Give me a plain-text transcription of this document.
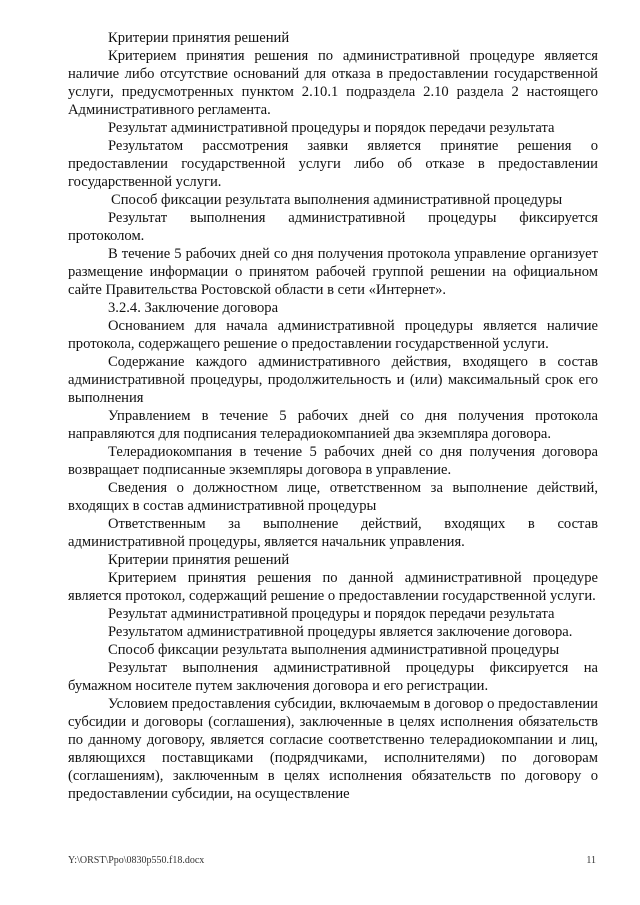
Критерии принятия решений

Критерием принятия решения по административной процедуре является наличие либо отсутствие оснований для отказа в предоставлении государственной услуги, предусмотренных пунктом 2.10.1 подраздела 2.10 раздела 2 настоящего Административного регламента.

Результат административной процедуры и порядок передачи результата

Результатом рассмотрения заявки является принятие решения о предоставлении государственной услуги либо об отказе в предоставлении государственной услуги.

Способ фиксации результата выполнения административной процедуры

Результат выполнения административной процедуры фиксируется протоколом.

В течение 5 рабочих дней со дня получения протокола управление организует размещение информации о принятом рабочей группой решении на официальном сайте Правительства Ростовской области в сети «Интернет».

3.2.4. Заключение договора

Основанием для начала административной процедуры является наличие протокола, содержащего решение о предоставлении государственной услуги.

Содержание каждого административного действия, входящего в состав административной процедуры, продолжительность и (или) максимальный срок его выполнения

Управлением в течение 5 рабочих дней со дня получения протокола направляются для подписания телерадиокомпанией два экземпляра договора.

Телерадиокомпания в течение 5 рабочих дней со дня получения договора возвращает подписанные экземпляры договора в управление.

Сведения о должностном лице, ответственном за выполнение действий, входящих в состав административной процедуры

Ответственным за выполнение действий, входящих в состав административной процедуры, является начальник управления.

Критерии принятия решений

Критерием принятия решения по данной административной процедуре является протокол, содержащий решение о предоставлении государственной услуги.

Результат административной процедуры и порядок передачи результата

Результатом административной процедуры является заключение договора.

Способ фиксации результата выполнения административной процедуры

Результат выполнения административной процедуры фиксируется на бумажном носителе путем заключения договора и его регистрации.

Условием предоставления субсидии, включаемым в договор о предоставлении субсидии и договоры (соглашения), заключенные в целях исполнения обязательств по данному договору, является согласие соответственно телерадиокомпании и лиц, являющихся поставщиками (подрядчиками, исполнителями) по договорам (соглашениям), заключенным в целях исполнения обязательств по договору о предоставлении субсидии, на осуществление

Y:\ORST\Ppo\0830p550.f18.docx	11
